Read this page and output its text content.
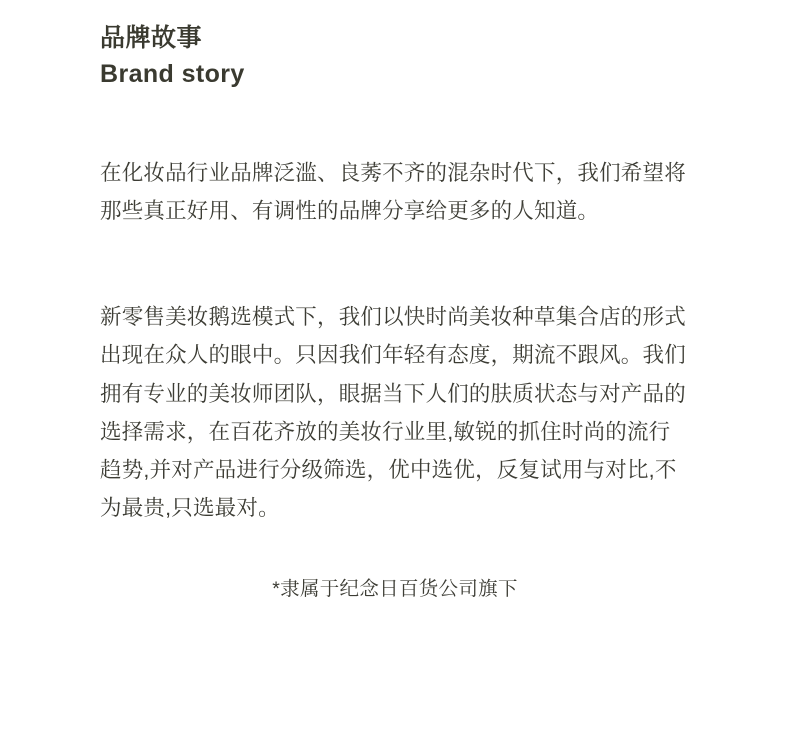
品牌故事
Brand story

在化妆品行业品牌泛滥、良莠不齐的混杂时代下，我们希望将那些真正好用、有调性的品牌分享给更多的人知道。

新零售美妆鹅选模式下，我们以快时尚美妆种草集合店的形式出现在众人的眼中。只因我们年轻有态度，期流不跟风。我们拥有专业的美妆师团队，眼据当下人们的肤质状态与对产品的选择需求，在百花齐放的美妆行业里,敏锐的抓住时尚的流行趋势,并对产品进行分级筛选，优中选优，反复试用与对比,不为最贵,只选最对。

*隶属于纪念日百货公司旗下
